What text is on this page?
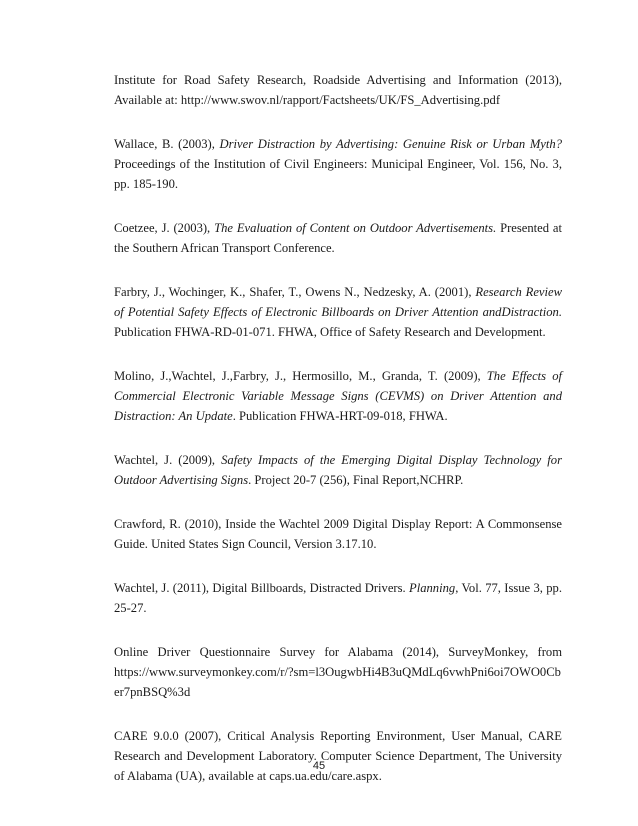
Institute for Road Safety Research, Roadside Advertising and Information (2013), Available at: http://www.swov.nl/rapport/Factsheets/UK/FS_Advertising.pdf

Wallace, B. (2003), Driver Distraction by Advertising: Genuine Risk or Urban Myth?Proceedings of the Institution of Civil Engineers: Municipal Engineer, Vol. 156, No. 3, pp. 185-190.

Coetzee, J. (2003), The Evaluation of Content on Outdoor Advertisements. Presented at the Southern African Transport Conference.

Farbry, J., Wochinger, K., Shafer, T., Owens N., Nedzesky, A. (2001), Research Review of Potential Safety Effects of Electronic Billboards on Driver Attention andDistraction. Publication FHWA-RD-01-071. FHWA, Office of Safety Research and Development.

Molino, J.,Wachtel, J.,Farbry, J., Hermosillo, M., Granda, T. (2009), The Effects of Commercial Electronic Variable Message Signs (CEVMS) on Driver Attention and Distraction: An Update. Publication FHWA-HRT-09-018, FHWA.

Wachtel, J. (2009), Safety Impacts of the Emerging Digital Display Technology for Outdoor Advertising Signs. Project 20-7 (256), Final Report,NCHRP.

Crawford, R. (2010), Inside the Wachtel 2009 Digital Display Report: A Commonsense Guide. United States Sign Council, Version 3.17.10.

Wachtel, J. (2011), Digital Billboards, Distracted Drivers. Planning, Vol. 77, Issue 3, pp. 25-27.

Online Driver Questionnaire Survey for Alabama (2014), SurveyMonkey, from https://www.surveymonkey.com/r/?sm=l3OugwbHi4B3uQMdLq6vwhPni6oi7OWO0Cb er7pnBSQ%3d

CARE 9.0.0 (2007), Critical Analysis Reporting Environment, User Manual, CARE Research and Development Laboratory. Computer Science Department, The University of Alabama (UA), available at caps.ua.edu/care.aspx.

45
